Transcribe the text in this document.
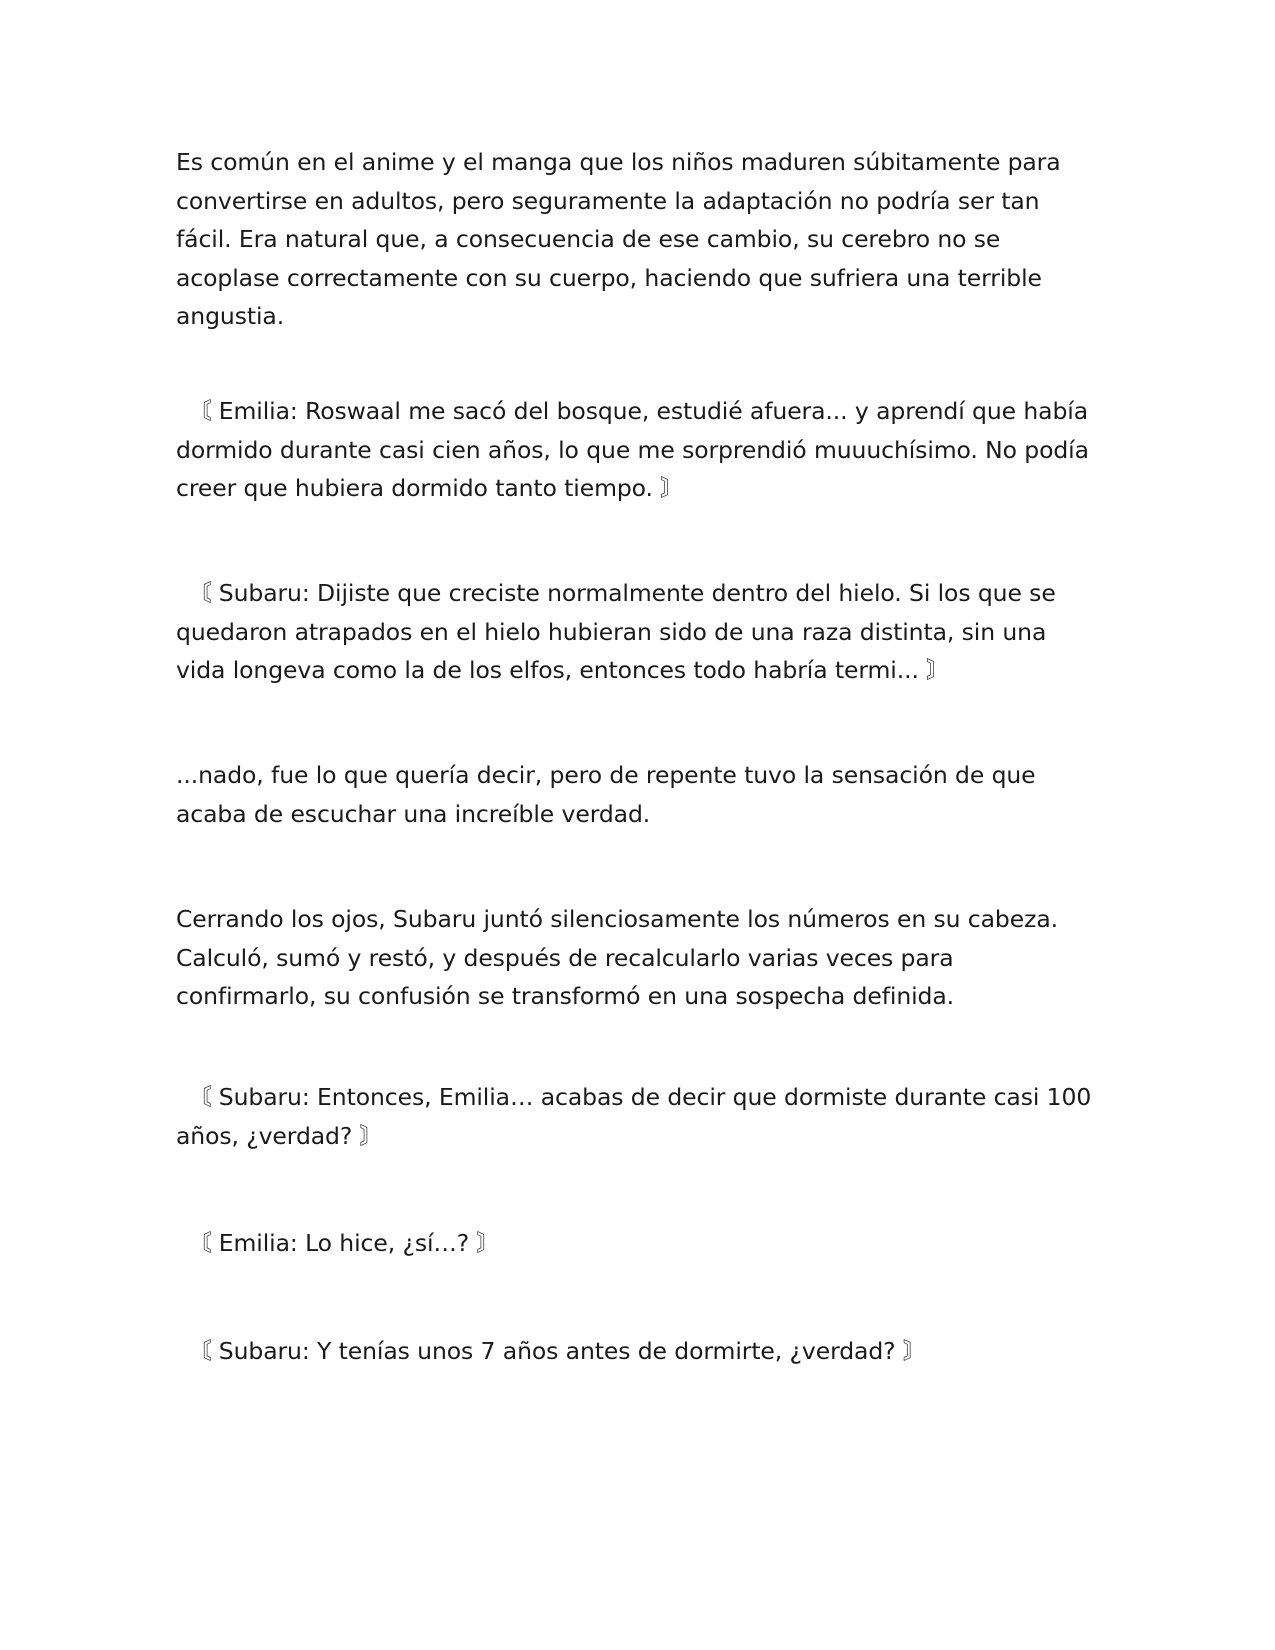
Es común en el anime y el manga que los niños maduren súbitamente para convertirse en adultos, pero seguramente la adaptación no podría ser tan fácil. Era natural que, a consecuencia de ese cambio, su cerebro no se acoplase correctamente con su cuerpo, haciendo que sufriera una terrible angustia.

〘 Emilia: Roswaal me sacó del bosque, estudié afuera... y aprendí que había dormido durante casi cien años, lo que me sorprendió muuuchísimo. No podía creer que hubiera dormido tanto tiempo. 〙

〘 Subaru: Dijiste que creciste normalmente dentro del hielo. Si los que se quedaron atrapados en el hielo hubieran sido de una raza distinta, sin una vida longeva como la de los elfos, entonces todo habría termi... 〙

...nado, fue lo que quería decir, pero de repente tuvo la sensación de que acaba de escuchar una increíble verdad.

Cerrando los ojos, Subaru juntó silenciosamente los números en su cabeza. Calculó, sumó y restó, y después de recalcularlo varias veces para confirmarlo, su confusión se transformó en una sospecha definida.

〘 Subaru: Entonces, Emilia… acabas de decir que dormiste durante casi 100 años, ¿verdad? 〙

〘 Emilia: Lo hice, ¿sí…? 〙

〘 Subaru: Y tenías unos 7 años antes de dormirte, ¿verdad? 〙
